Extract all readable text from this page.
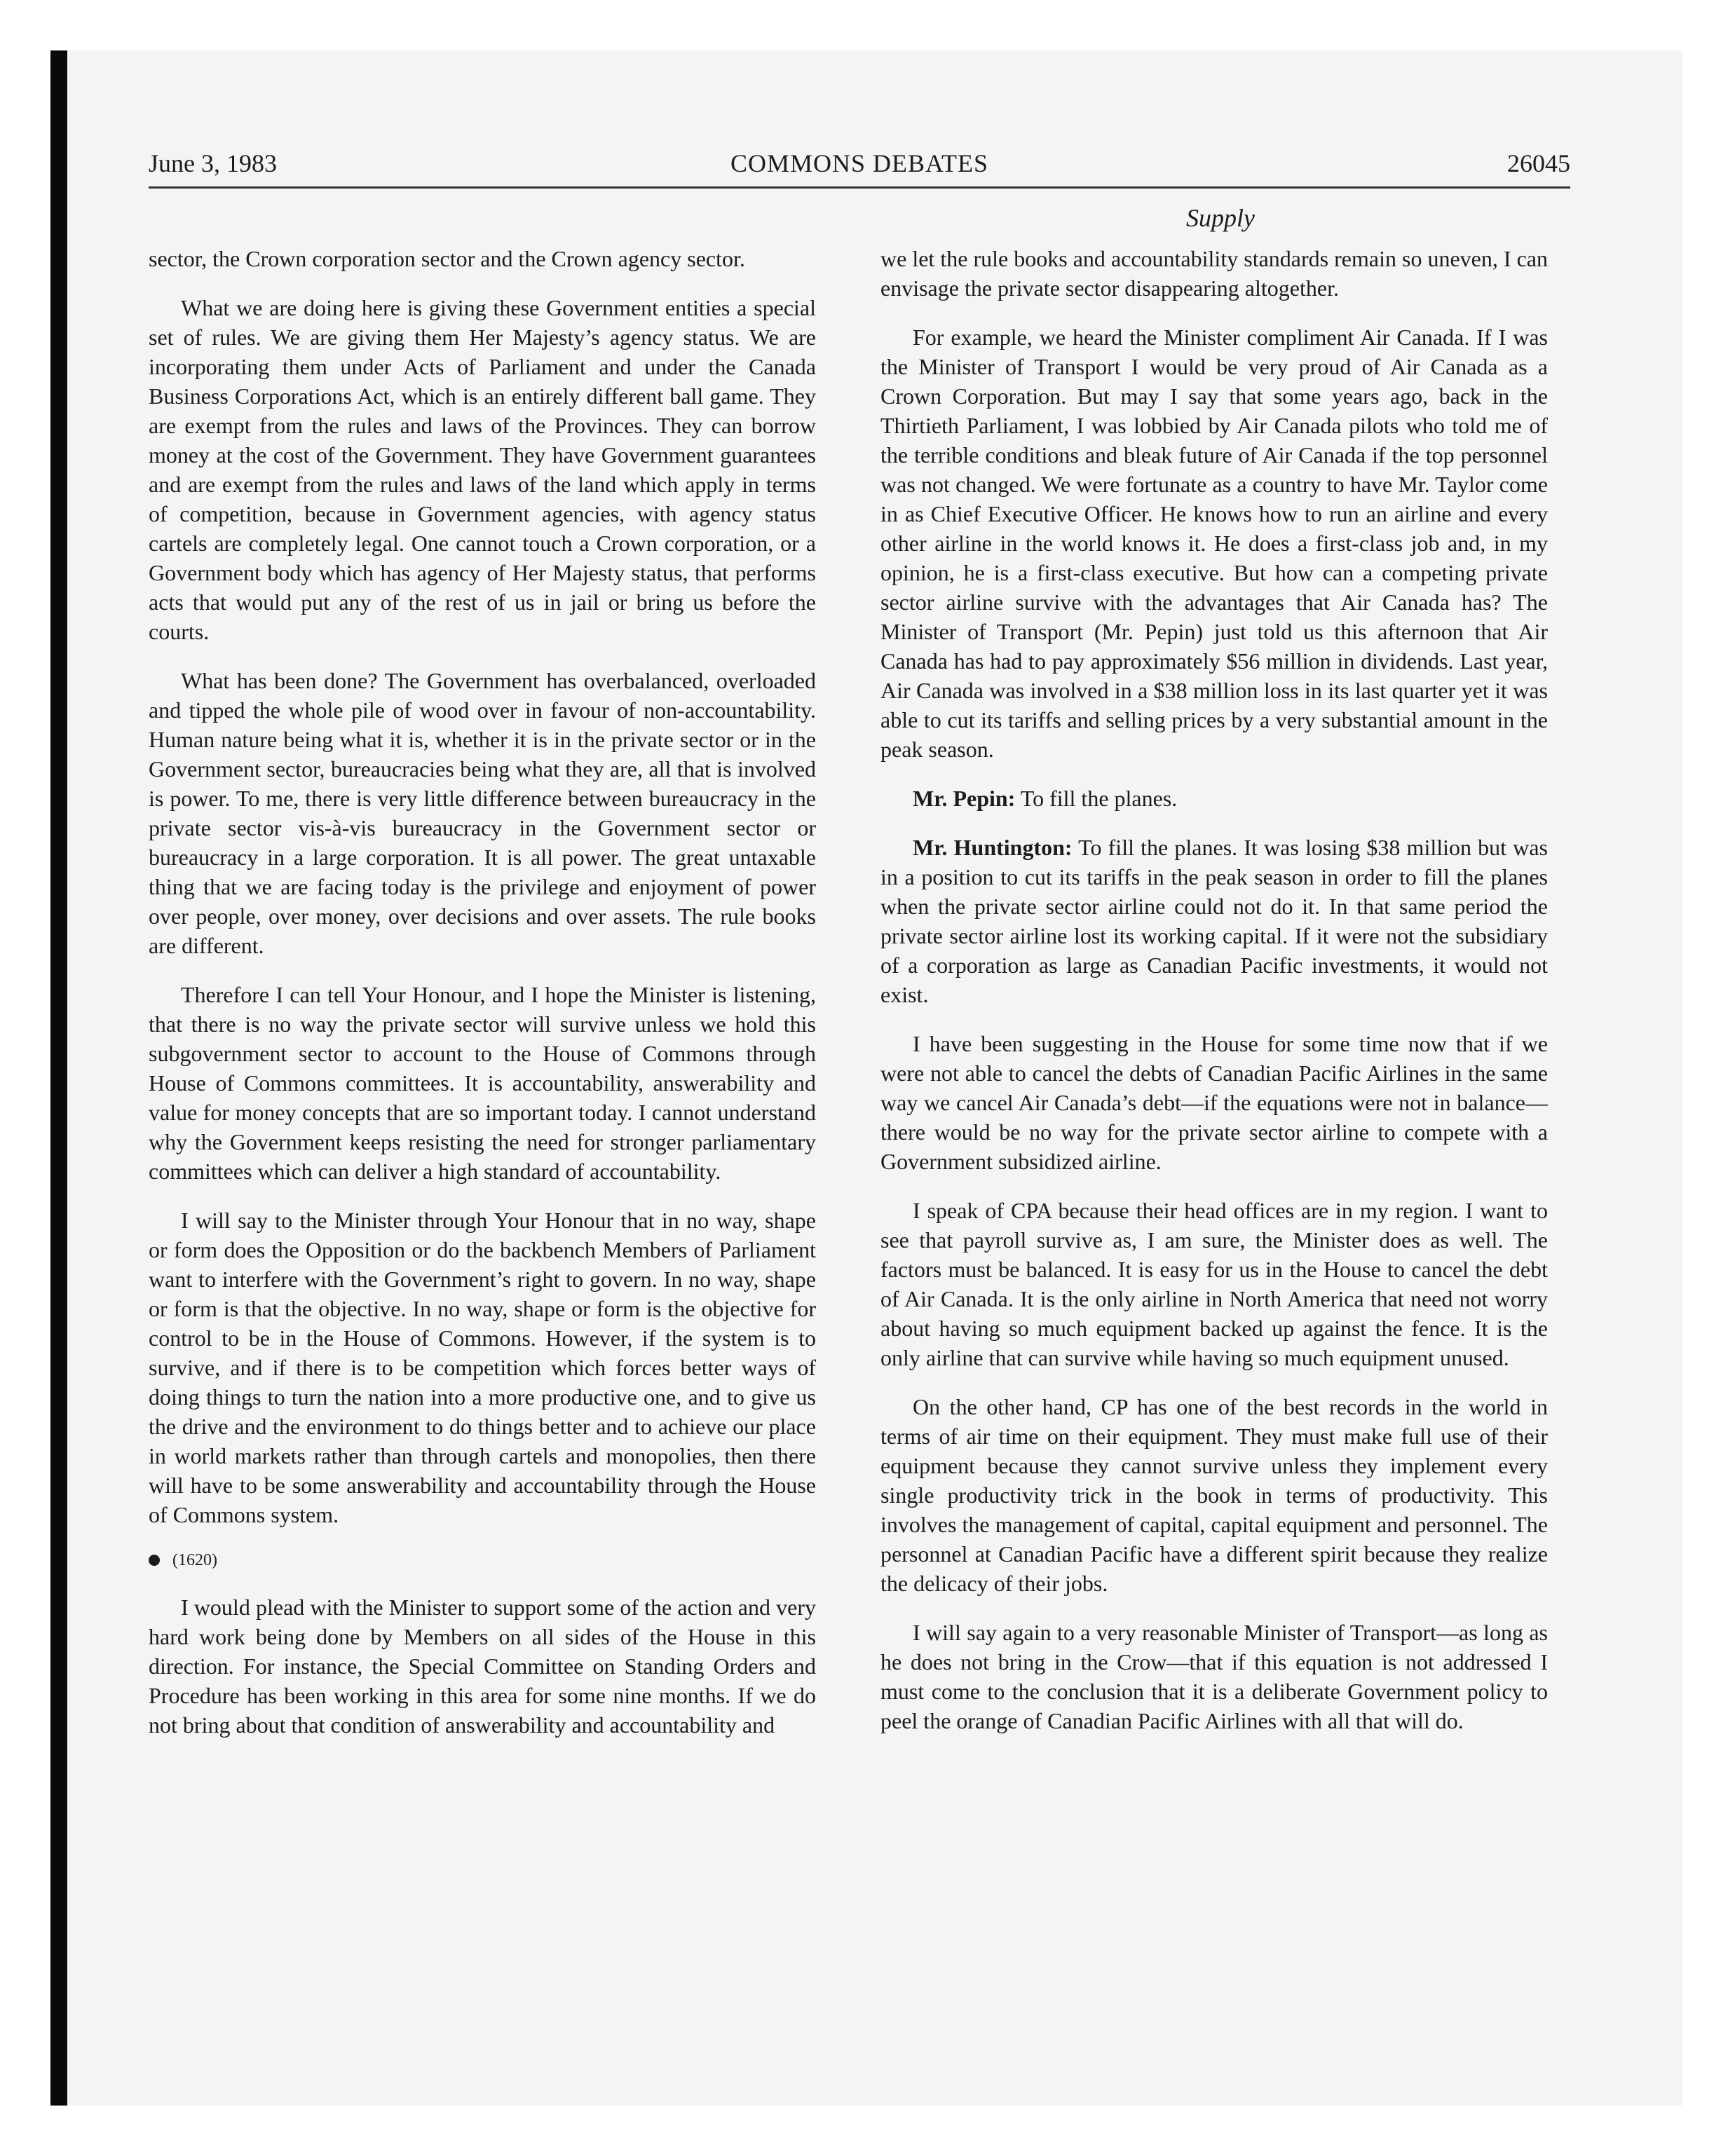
June 3, 1983	COMMONS DEBATES	26045
Supply

sector, the Crown corporation sector and the Crown agency sector.

What we are doing here is giving these Government entities a special set of rules. We are giving them Her Majesty’s agency status. We are incorporating them under Acts of Parliament and under the Canada Business Corporations Act, which is an entirely different ball game. They are exempt from the rules and laws of the Provinces. They can borrow money at the cost of the Government. They have Government guarantees and are exempt from the rules and laws of the land which apply in terms of competition, because in Government agencies, with agency status cartels are completely legal. One cannot touch a Crown corporation, or a Government body which has agency of Her Majesty status, that performs acts that would put any of the rest of us in jail or bring us before the courts.

What has been done? The Government has overbalanced, overloaded and tipped the whole pile of wood over in favour of non-accountability. Human nature being what it is, whether it is in the private sector or in the Government sector, bureaucracies being what they are, all that is involved is power. To me, there is very little difference between bureaucracy in the private sector vis-à-vis bureaucracy in the Government sector or bureaucracy in a large corporation. It is all power. The great untaxable thing that we are facing today is the privilege and enjoyment of power over people, over money, over decisions and over assets. The rule books are different.

Therefore I can tell Your Honour, and I hope the Minister is listening, that there is no way the private sector will survive unless we hold this subgovernment sector to account to the House of Commons through House of Commons committees. It is accountability, answerability and value for money concepts that are so important today. I cannot understand why the Government keeps resisting the need for stronger parliamentary committees which can deliver a high standard of accountability.

I will say to the Minister through Your Honour that in no way, shape or form does the Opposition or do the backbench Members of Parliament want to interfere with the Government’s right to govern. In no way, shape or form is that the objective. In no way, shape or form is the objective for control to be in the House of Commons. However, if the system is to survive, and if there is to be competition which forces better ways of doing things to turn the nation into a more productive one, and to give us the drive and the environment to do things better and to achieve our place in world markets rather than through cartels and monopolies, then there will have to be some answerability and accountability through the House of Commons system.

(1620)

I would plead with the Minister to support some of the action and very hard work being done by Members on all sides of the House in this direction. For instance, the Special Committee on Standing Orders and Procedure has been working in this area for some nine months. If we do not bring about that condition of answerability and accountability and

we let the rule books and accountability standards remain so uneven, I can envisage the private sector disappearing altogether.

For example, we heard the Minister compliment Air Canada. If I was the Minister of Transport I would be very proud of Air Canada as a Crown Corporation. But may I say that some years ago, back in the Thirtieth Parliament, I was lobbied by Air Canada pilots who told me of the terrible conditions and bleak future of Air Canada if the top personnel was not changed. We were fortunate as a country to have Mr. Taylor come in as Chief Executive Officer. He knows how to run an airline and every other airline in the world knows it. He does a first-class job and, in my opinion, he is a first-class executive. But how can a competing private sector airline survive with the advantages that Air Canada has? The Minister of Transport (Mr. Pepin) just told us this afternoon that Air Canada has had to pay approximately $56 million in dividends. Last year, Air Canada was involved in a $38 million loss in its last quarter yet it was able to cut its tariffs and selling prices by a very substantial amount in the peak season.

Mr. Pepin: To fill the planes.

Mr. Huntington: To fill the planes. It was losing $38 million but was in a position to cut its tariffs in the peak season in order to fill the planes when the private sector airline could not do it. In that same period the private sector airline lost its working capital. If it were not the subsidiary of a corporation as large as Canadian Pacific investments, it would not exist.

I have been suggesting in the House for some time now that if we were not able to cancel the debts of Canadian Pacific Airlines in the same way we cancel Air Canada’s debt—if the equations were not in balance—there would be no way for the private sector airline to compete with a Government subsidized airline.

I speak of CPA because their head offices are in my region. I want to see that payroll survive as, I am sure, the Minister does as well. The factors must be balanced. It is easy for us in the House to cancel the debt of Air Canada. It is the only airline in North America that need not worry about having so much equipment backed up against the fence. It is the only airline that can survive while having so much equipment unused.

On the other hand, CP has one of the best records in the world in terms of air time on their equipment. They must make full use of their equipment because they cannot survive unless they implement every single productivity trick in the book in terms of productivity. This involves the management of capital, capital equipment and personnel. The personnel at Canadian Pacific have a different spirit because they realize the delicacy of their jobs.

I will say again to a very reasonable Minister of Transport—as long as he does not bring in the Crow—that if this equation is not addressed I must come to the conclusion that it is a deliberate Government policy to peel the orange of Canadian Pacific Airlines with all that will do.
